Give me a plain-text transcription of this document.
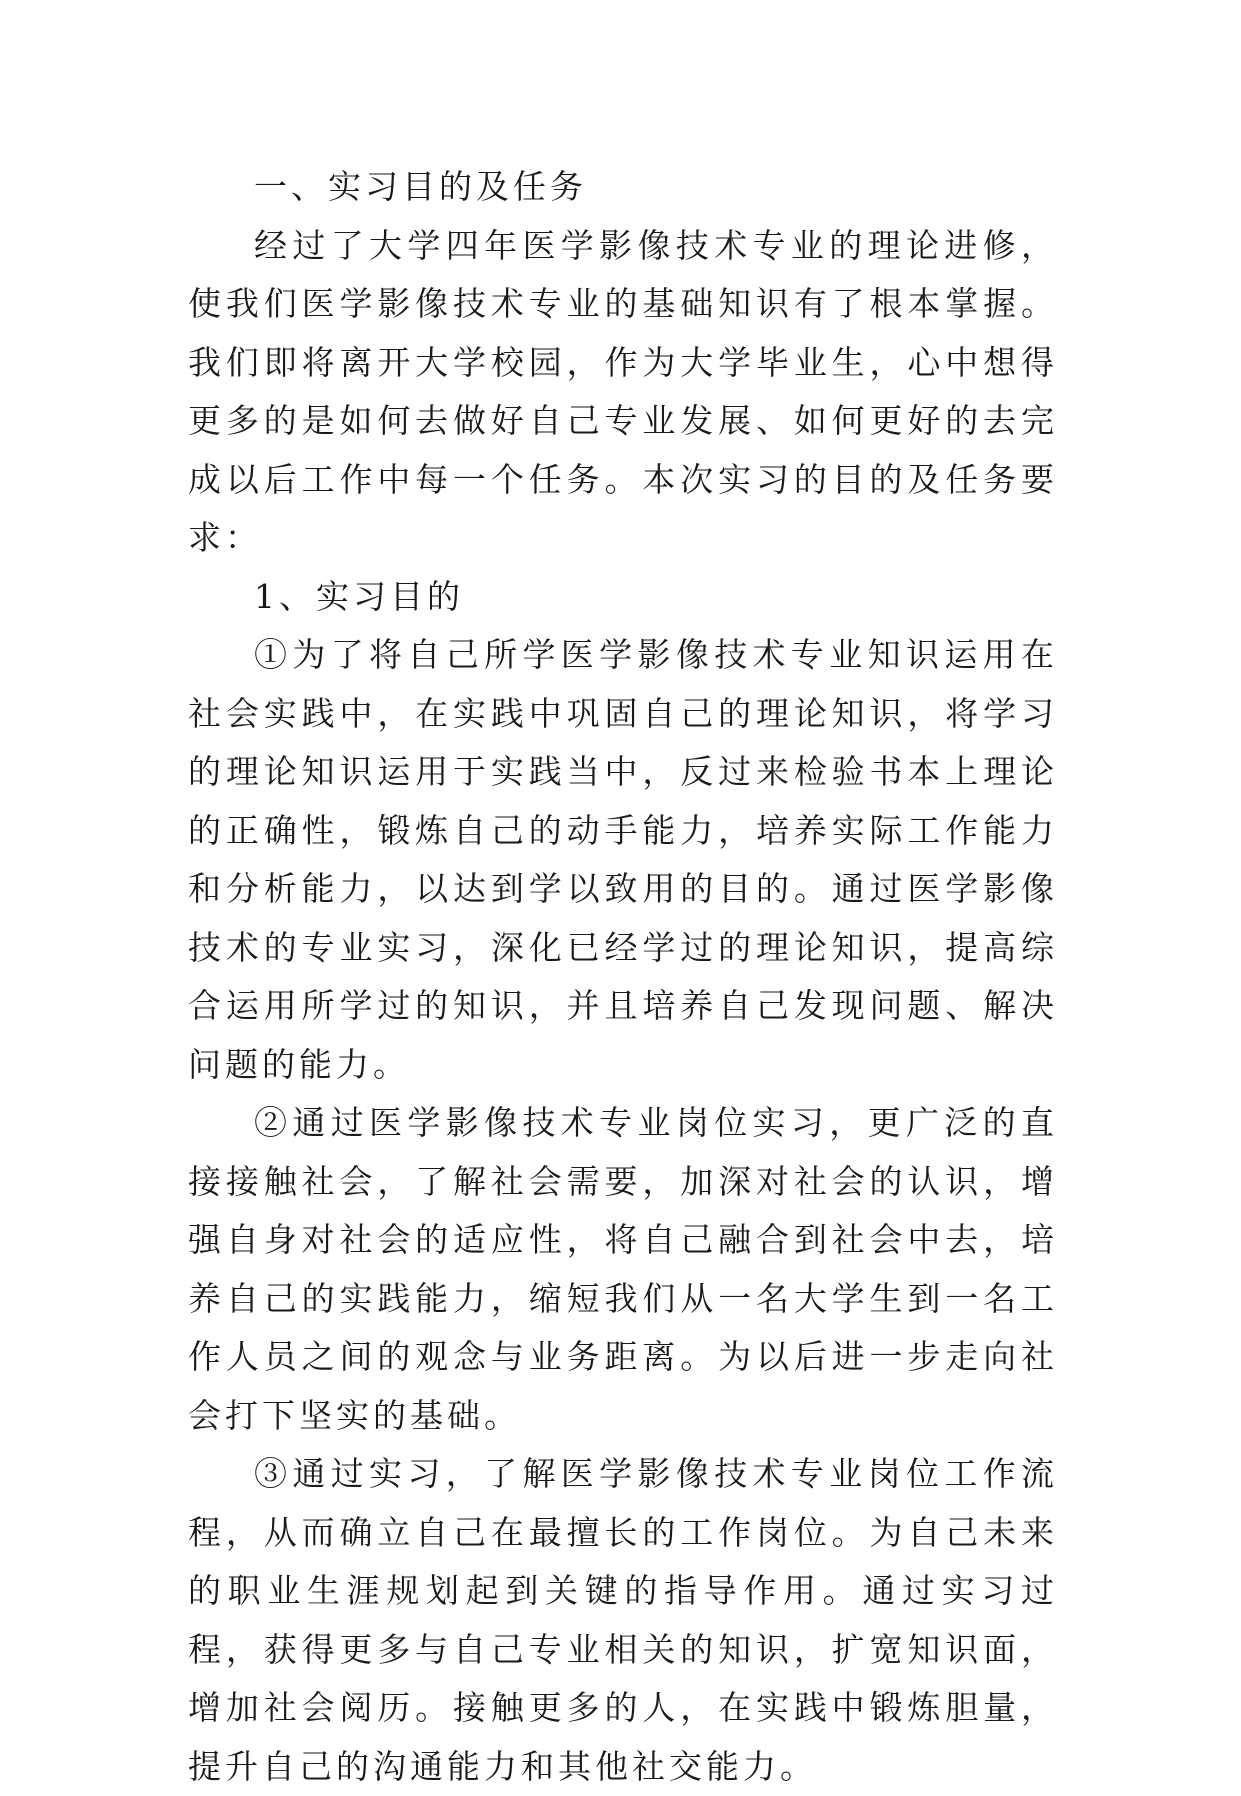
一、实习目的及任务

经过了大学四年医学影像技术专业的理论进修，使我们医学影像技术专业的基础知识有了根本掌握。我们即将离开大学校园，作为大学毕业生，心中想得更多的是如何去做好自己专业发展、如何更好的去完成以后工作中每一个任务。本次实习的目的及任务要求：

1、实习目的

①为了将自己所学医学影像技术专业知识运用在社会实践中，在实践中巩固自己的理论知识，将学习的理论知识运用于实践当中，反过来检验书本上理论的正确性，锻炼自己的动手能力，培养实际工作能力和分析能力，以达到学以致用的目的。通过医学影像技术的专业实习，深化已经学过的理论知识，提高综合运用所学过的知识，并且培养自己发现问题、解决问题的能力。

②通过医学影像技术专业岗位实习，更广泛的直接接触社会，了解社会需要，加深对社会的认识，增强自身对社会的适应性，将自己融合到社会中去，培养自己的实践能力，缩短我们从一名大学生到一名工作人员之间的观念与业务距离。为以后进一步走向社会打下坚实的基础。

③通过实习，了解医学影像技术专业岗位工作流程，从而确立自己在最擅长的工作岗位。为自己未来的职业生涯规划起到关键的指导作用。通过实习过程，获得更多与自己专业相关的知识，扩宽知识面，增加社会阅历。接触更多的人，在实践中锻炼胆量，提升自己的沟通能力和其他社交能力。
